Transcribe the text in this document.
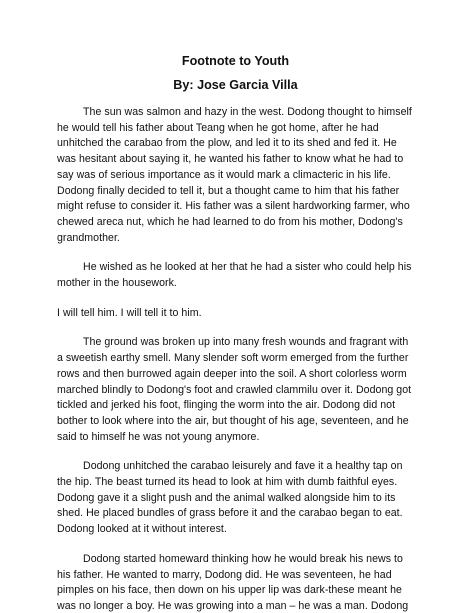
Footnote to Youth
By: Jose Garcia Villa

The sun was salmon and hazy in the west. Dodong thought to himself he would tell his father about Teang when he got home, after he had unhitched the carabao from the plow, and led it to its shed and fed it. He was hesitant about saying it, he wanted his father to know what he had to say was of serious importance as it would mark a climacteric in his life. Dodong finally decided to tell it, but a thought came to him that his father might refuse to consider it. His father was a silent hardworking farmer, who chewed areca nut, which he had learned to do from his mother, Dodong's grandmother.

He wished as he looked at her that he had a sister who could help his mother in the housework.

I will tell him. I will tell it to him.

The ground was broken up into many fresh wounds and fragrant with a sweetish earthy smell. Many slender soft worm emerged from the further rows and then burrowed again deeper into the soil. A short colorless worm marched blindly to Dodong's foot and crawled clammilu over it. Dodong got tickled and jerked his foot, flinging the worm into the air. Dodong did not bother to look where into the air, but thought of his age, seventeen, and he said to himself he was not young anymore.

Dodong unhitched the carabao leisurely and fave it a healthy tap on the hip. The beast turned its head to look at him with dumb faithful eyes. Dodong gave it a slight push and the animal walked alongside him to its shed. He placed bundles of grass before it and the carabao began to eat. Dodong looked at it without interest.

Dodong started homeward thinking how he would break his news to his father. He wanted to marry, Dodong did. He was seventeen, he had pimples on his face, then down on his upper lip was dark-these meant he was no longer a boy. He was growing into a man – he was a man. Dodong
